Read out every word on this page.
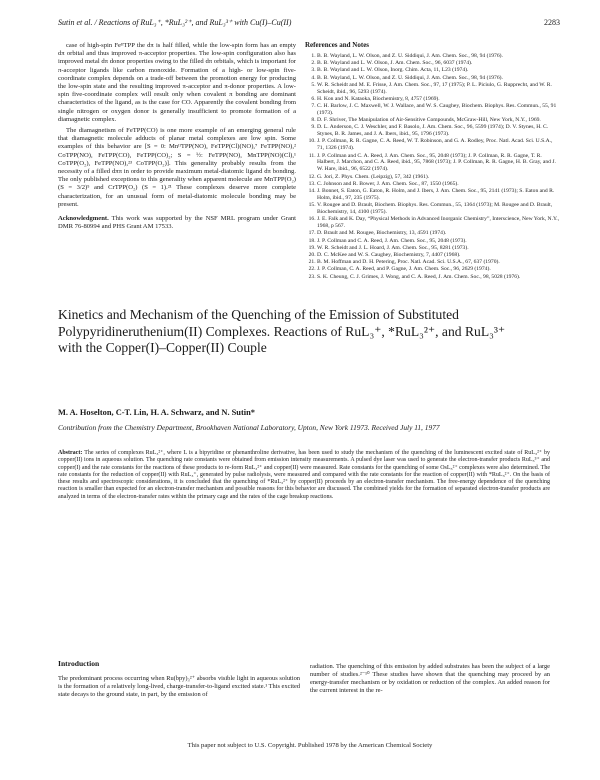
Sutin et al. / Reactions of RuL₃⁺, *RuL₃²⁺, and RuL₃³⁺ with Cu(I)–Cu(II)	2283

case of high-spin FeᴵᴵTPP the dπ is half filled, while the low-spin form has an empty dπ orbital and thus improved π-acceptor properties. The low-spin configuration also has improved metal dπ donor properties owing to the filled dπ orbitals, which is important for π-acceptor ligands like carbon monoxide. Formation of a high- or low-spin five-coordinate complex depends on a trade-off between the promotion energy for producing the low-spin state and the resulting improved π-acceptor and π-donor properties. A low-spin five-coordinate complex will result only when covalent π bonding are dominant characteristics of the ligand, as is the case for CO. Apparently the covalent bonding from single nitrogen or oxygen donor is generally insufficient to promote formation of a diamagnetic complex.

The diamagnetism of FeTPP(CO) is one more example of an emerging general rule that diamagnetic molecule adducts of planar metal complexes are low spin. Some examples of this behavior are [S = 0: MnᴵᴵTPP(NO), FeTPP(Cl)(NO),⁷ FeTPP(NO),² CoTPP(NO), FeTPP(CO), FeTPP(CO)₂; S = ½: FeTPP(NO), MnTPP(NO)(Cl),¹ CoTPP(O₂), FeTPP(NO),²³ CoTPP(O₂)]. This generality probably results from the necessity of a filled dππ in order to provide maximum metal-diatomic ligand dπ bonding. The only published exceptions to this generality when apparent molecule are MnTPP(O₂) (S = 3/2)⁵ and CrTPP(O₂) (S = 1).²¹ These complexes deserve more complete characterization, for an unusual form of metal-diatomic molecule bonding may be present.

Acknowledgment. This work was supported by the NSF MRL program under Grant DMR 76-80994 and PHS Grant AM 17533.

References and Notes
1. B. B. Wayland, L. W. Olson, and Z. U. Siddiqui, J. Am. Chem. Soc., 98, 94 (1976).
2. B. B. Wayland and L. W. Olson, J. Am. Chem. Soc., 96, 6037 (1974).
3. B. B. Wayland and L. W. Olson, Inorg. Chim. Acta, 11, L23 (1974).
4. B. B. Wayland, L. W. Olson, and Z. U. Siddiqui, J. Am. Chem. Soc., 98, 94 (1976).
5. W. R. Scheidt and M. E. Frisse, J. Am. Chem. Soc., 97, 17 (1975); P. L. Piciulo, G. Rupprecht, and W. R. Scheidt, ibid., 96, 5293 (1974).
6. H. Kon and N. Kataoka, Biochemistry, 8, 4757 (1969).
7. C. H. Barlow, J. C. Maxwell, W. J. Wallace, and W. S. Caughey, Biochem. Biophys. Res. Commun., 55, 91 (1973).
8. D. F. Shriver, The Manipulation of Air-Sensitive Compounds, McGraw-Hill, New York, N.Y., 1969.
9. D. L. Anderson, C. J. Weschler, and F. Basolo, J. Am. Chem. Soc., 96, 5599 (1974); D. V. Stynes, H. C. Stynes, B. R. James, and J. A. Ibers, ibid., 95, 1796 (1973).
10. J. P. Collman, R. R. Gagne, C. A. Reed, W. T. Robinson, and G. A. Rodley, Proc. Natl. Acad. Sci. U.S.A., 71, 1326 (1974).
11. J. P. Collman and C. A. Reed, J. Am. Chem. Soc., 95, 2048 (1973); J. P. Collman, R. R. Gagne, T. R. Halbert, J. Marchon, and C. A. Reed, ibid., 95, 7868 (1973); J. P. Collman, R. R. Gagne, H. B. Gray, and J. W. Hare, ibid., 96, 6522 (1974).
12. G. Jori, Z. Phys. Chem. (Leipzig), 57, 342 (1961).
13. C. Johnson and R. Bower, J. Am. Chem. Soc., 87, 1550 (1965).
14. J. Bonnet, S. Eaton, G. Eaton, R. Holm, and J. Ibers, J. Am. Chem. Soc., 95, 2141 (1973); S. Eaton and R. Holm, ibid., 97, 235 (1975).
15. V. Rougee and D. Brault, Biochem. Biophys. Res. Commun., 55, 1364 (1973); M. Rougee and D. Brault, Biochemistry, 14, 4100 (1975).
16. J. E. Falk and K. Day, “Physical Methods in Advanced Inorganic Chemistry”, Interscience, New York, N.Y., 1968, p 567.
17. D. Brault and M. Rougee, Biochemistry, 13, 4591 (1974).
18. J. P. Collman and C. A. Reed, J. Am. Chem. Soc., 95, 2048 (1973).
19. W. R. Scheidt and J. L. Hoard, J. Am. Chem. Soc., 95, 8281 (1973).
20. D. C. McKee and W. S. Caughey, Biochemistry, 7, 4407 (1968).
21. B. M. Hoffman and D. H. Petering, Proc. Natl. Acad. Sci. U.S.A., 67, 637 (1970).
22. J. P. Collman, C. A. Reed, and P. Gagne, J. Am. Chem. Soc., 96, 2629 (1974).
23. S. K. Cheung, C. J. Grimes, J. Wong, and C. A. Reed, J. Am. Chem. Soc., 98, 5028 (1976).
Kinetics and Mechanism of the Quenching of the Emission of Substituted Polypyridineruthenium(II) Complexes. Reactions of RuL₃⁺, *RuL₃²⁺, and RuL₃³⁺ with the Copper(I)–Copper(II) Couple
M. A. Hoselton, C-T. Lin, H. A. Schwarz, and N. Sutin*
Contribution from the Chemistry Department, Brookhaven National Laboratory, Upton, New York 11973. Received July 11, 1977
Abstract: The series of complexes RuL₃²⁺, where L is a bipyridine or phenanthroline derivative, has been used to study the mechanism of the quenching of the luminescent excited state of RuL₃²⁺ by copper(II) ions in aqueous solution. The quenching rate constants were obtained from emission intensity measurements. A pulsed dye laser was used to generate the electron-transfer products RuL₃³⁺ and copper(I) and the rate constants for the reactions of these products to re-form RuL₃²⁺ and copper(II) were measured. Rate constants for the quenching of some OsL₃²⁺ complexes were also determined. The rate constants for the reduction of copper(II) with RuL₃⁺, generated by pulse radiolysis, were measured and compared with the rate constants for the reaction of copper(II) with *RuL₃²⁺. On the basis of these results and spectroscopic considerations, it is concluded that the quenching of *RuL₃²⁺ by copper(II) proceeds by an electron-transfer mechanism. The free-energy dependence of the quenching reaction is smaller than expected for an electron-transfer mechanism and possible reasons for this behavior are discussed. The combined yields for the formation of separated electron-transfer products are analyzed in terms of the electron-transfer rates within the primary cage and the rates of the cage breakup reactions.
Introduction
The predominant process occurring when Ru(bpy)₃²⁺ absorbs visible light in aqueous solution is the formation of a relatively long-lived, charge-transfer-to-ligand excited state.¹ This excited state decays to the ground state, in part, by the emission of
radiation. The quenching of this emission by added substrates has been the subject of a large number of studies.²⁻¹⁰ These studies have shown that the quenching may proceed by an energy-transfer mechanism or by oxidation or reduction of the complex. An added reason for the current interest in the re-
This paper not subject to U.S. Copyright. Published 1978 by the American Chemical Society
